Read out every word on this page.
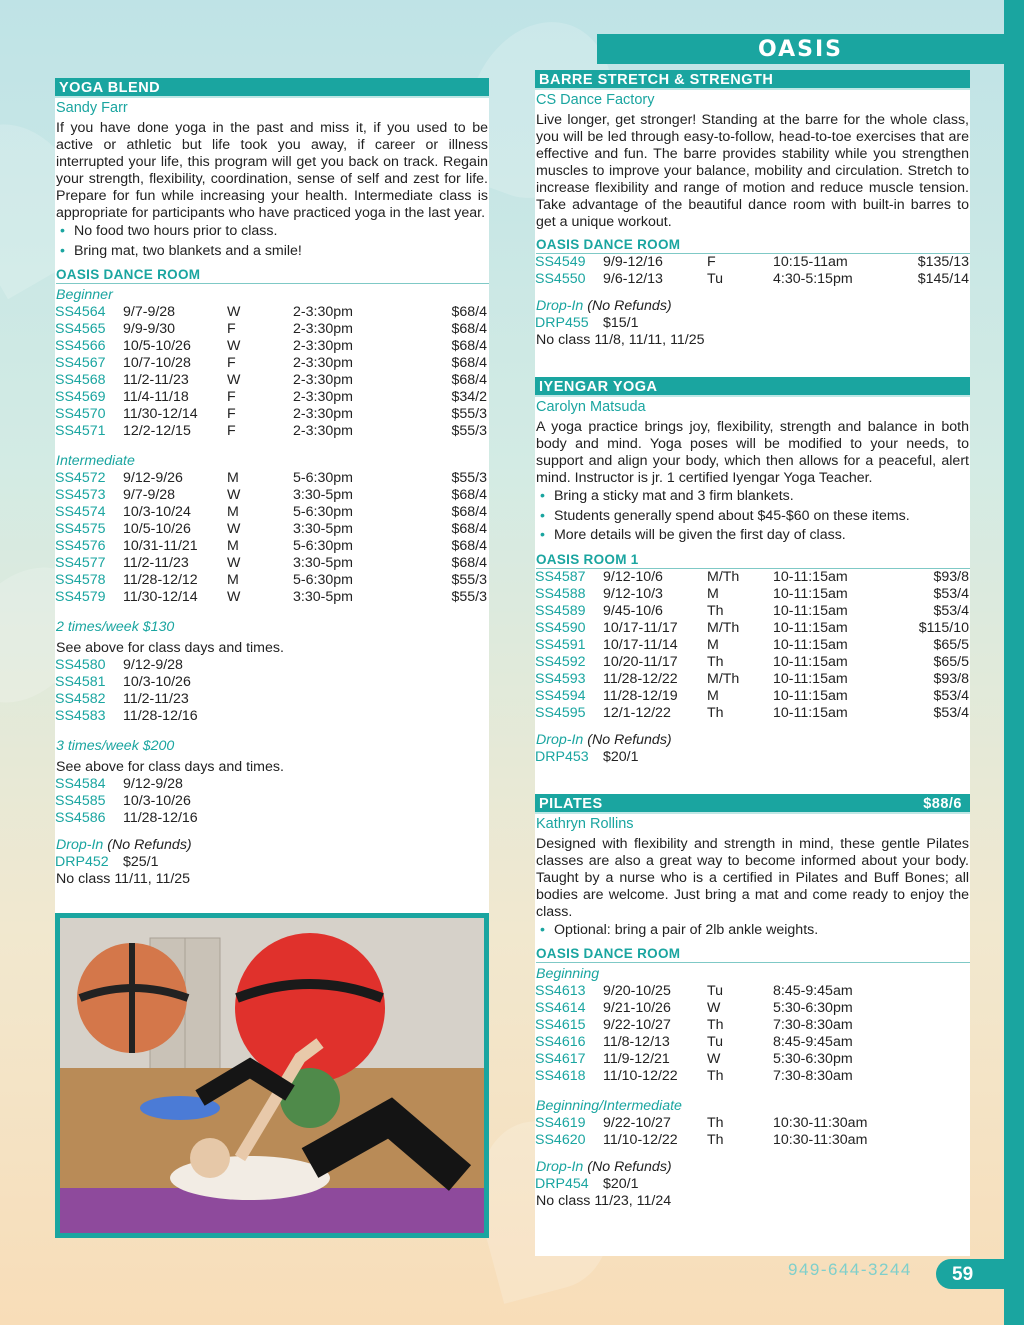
OASIS
YOGA BLEND
Sandy Farr
If you have done yoga in the past and miss it, if you used to be active or athletic but life took you away, if career or illness interrupted your life, this program will get you back on track. Regain your strength, flexibility, coordination, sense of self and zest for life. Prepare for fun while increasing your health. Intermediate class is appropriate for participants who have practiced yoga in the last year.
• No food two hours prior to class.
• Bring mat, two blankets and a smile!
OASIS DANCE ROOM
Beginner
SS4564 9/7-9/28	W	2-3:30pm	$68/4
SS4565 9/9-9/30	F	2-3:30pm	$68/4
SS4566 10/5-10/26	W	2-3:30pm	$68/4
SS4567 10/7-10/28	F	2-3:30pm	$68/4
SS4568 11/2-11/23	W	2-3:30pm	$68/4
SS4569 11/4-11/18	F	2-3:30pm	$34/2
SS4570 11/30-12/14 F	2-3:30pm	$55/3
SS4571 12/2-12/15	F	2-3:30pm	$55/3
Intermediate
SS4572 9/12-9/26	M	5-6:30pm	$55/3
SS4573 9/7-9/28	W	3:30-5pm	$68/4
SS4574 10/3-10/24	M	5-6:30pm	$68/4
SS4575 10/5-10/26	W	3:30-5pm	$68/4
SS4576 10/31-11/21 M	5-6:30pm	$68/4
SS4577 11/2-11/23	W	3:30-5pm	$68/4
SS4578 11/28-12/12 M	5-6:30pm	$55/3
SS4579 11/30-12/14 W	3:30-5pm	$55/3
2 times/week $130
See above for class days and times.
SS4580 9/12-9/28
SS4581 10/3-10/26
SS4582 11/2-11/23
SS4583 11/28-12/16
3 times/week $200
See above for class days and times.
SS4584 9/12-9/28
SS4585 10/3-10/26
SS4586 11/28-12/16
Drop-In (No Refunds)
DRP452 $25/1
No class 11/11, 11/25
BARRE STRETCH & STRENGTH
CS Dance Factory
Live longer, get stronger! Standing at the barre for the whole class, you will be led through easy-to-follow, head-to-toe exercises that are effective and fun. The barre provides stability while you strengthen muscles to improve your balance, mobility and circulation. Stretch to increase flexibility and range of motion and reduce muscle tension. Take advantage of the beautiful dance room with built-in barres to get a unique workout.
OASIS DANCE ROOM
SS4549 9/9-12/16	F	10:15-11am	$135/13
SS4550 9/6-12/13	Tu	4:30-5:15pm	$145/14
Drop-In (No Refunds)
DRP455 $15/1
No class 11/8, 11/11, 11/25
IYENGAR YOGA
Carolyn Matsuda
A yoga practice brings joy, flexibility, strength and balance in both body and mind. Yoga poses will be modified to your needs, to support and align your body, which then allows for a peaceful, alert mind. Instructor is jr. 1 certified Iyengar Yoga Teacher.
• Bring a sticky mat and 3 firm blankets.
• Students generally spend about $45-$60 on these items.
• More details will be given the first day of class.
OASIS ROOM 1
SS4587 9/12-10/6	M/Th 10-11:15am	$93/8
SS4588 9/12-10/3	M	10-11:15am	$53/4
SS4589 9/45-10/6	Th	10-11:15am	$53/4
SS4590 10/17-11/17 M/Th 10-11:15am	$115/10
SS4591 10/17-11/14 M	10-11:15am	$65/5
SS4592 10/20-11/17 Th	10-11:15am	$65/5
SS4593 11/28-12/22 M/Th 10-11:15am	$93/8
SS4594 11/28-12/19 M	10-11:15am	$53/4
SS4595 12/1-12/22	Th	10-11:15am	$53/4
Drop-In (No Refunds)
DRP453 $20/1
PILATES	$88/6
Kathryn Rollins
Designed with flexibility and strength in mind, these gentle Pilates classes are also a great way to become informed about your body. Taught by a nurse who is a certified in Pilates and Buff Bones; all bodies are welcome. Just bring a mat and come ready to enjoy the class.
• Optional: bring a pair of 2lb ankle weights.
OASIS DANCE ROOM
Beginning
SS4613 9/20-10/25	Tu	8:45-9:45am
SS4614 9/21-10/26	W	5:30-6:30pm
SS4615 9/22-10/27	Th	7:30-8:30am
SS4616 11/8-12/13	Tu	8:45-9:45am
SS4617 11/9-12/21	W	5:30-6:30pm
SS4618 11/10-12/22 Th	7:30-8:30am
Beginning/Intermediate
SS4619 9/22-10/27	Th	10:30-11:30am
SS4620 11/10-12/22 Th	10:30-11:30am
Drop-In (No Refunds)
DRP454 $20/1
No class 11/23, 11/24
949-644-3244	59
